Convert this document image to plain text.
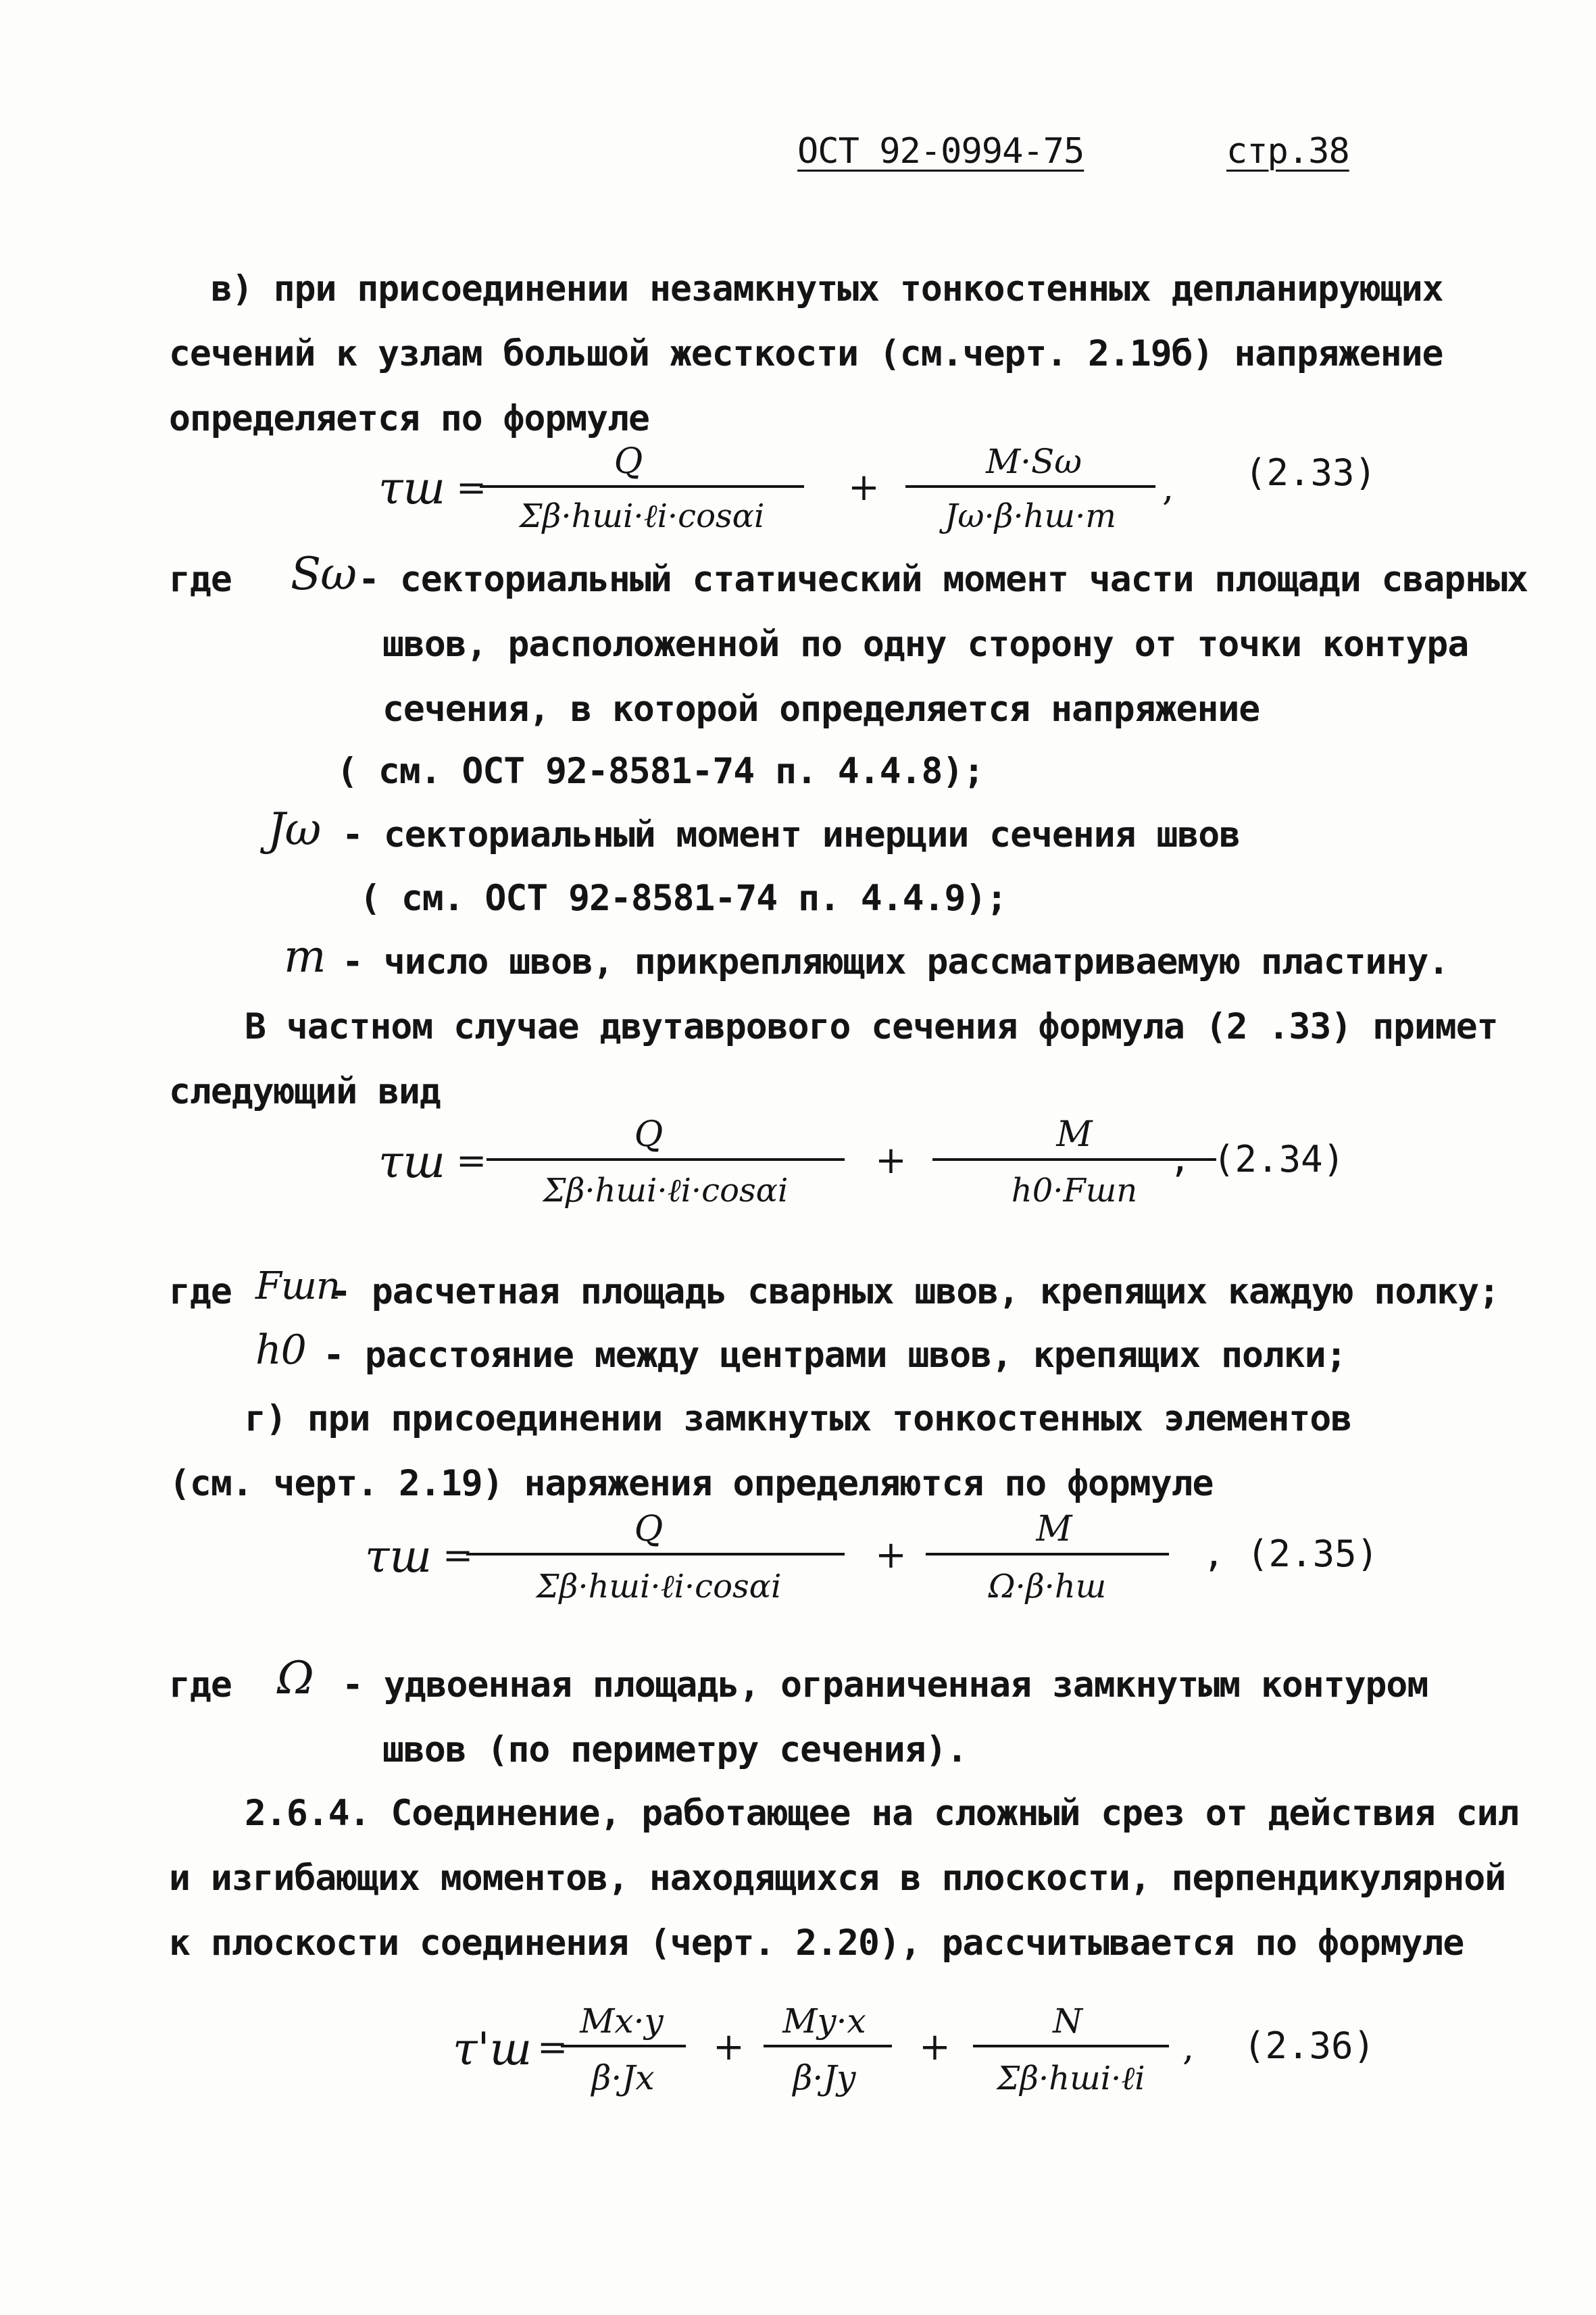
ОСТ 92-0994-75	стр.38
в) при присоединении незамкнутых тонкостенных депланирующих
сечений к узлам большой жесткости (см.черт. 2.19б) напряжение
определяется по формуле
τш =
Q
Σβ·hшi·ℓi·cosαi
+
M·Sω
Jω·β·hш·m
, (2.33)
где Sω - секториальный статический момент части площади сварных
швов, расположенной по одну сторону от точки контура
сечения, в которой определяется напряжение
( см. ОСТ 92-8581-74 п. 4.4.8);
Jω - секториальный момент инерции сечения швов
( см. ОСТ 92-8581-74 п. 4.4.9);
m - число швов, прикрепляющих рассматриваемую пластину.
В частном случае двутаврового сечения формула (2 .33) примет
следующий вид
τш =
Q
Σβ·hшi·ℓi·cosαi
+
M
h0·Fшп
, (2.34)
где Fшп
- расчетная площадь сварных швов, крепящих каждую полку;
h0 - расстояние между центрами швов, крепящих полки;
г) при присоединении замкнутых тонкостенных элементов
(см. черт. 2.19) наряжения определяются по формуле
τш =
Q
Σβ·hшi·ℓi·cosαi
+
M
Ω·β·hш
, (2.35)
где Ω - удвоенная площадь, ограниченная замкнутым контуром
швов (по периметру сечения).
2.6.4. Соединение, работающее на сложный срез от действия сил
и изгибающих моментов, находящихся в плоскости, перпендикулярной
к плоскости соединения (черт. 2.20), рассчитывается по формуле
τ'ш =
Mx·y
β·Jx
+
My·x
β·Jy
+
N
Σβ·hшi·ℓi
, (2.36)
